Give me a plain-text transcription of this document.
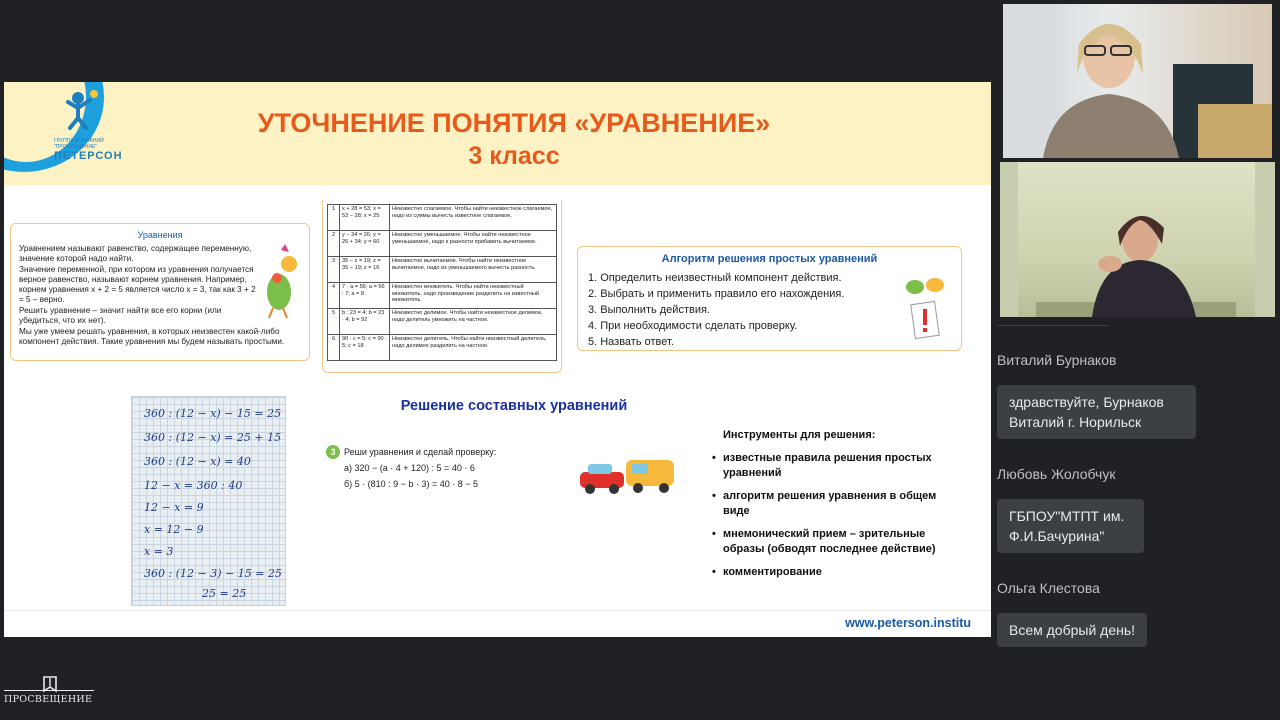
ГРУППА КОМПАНИЙ "ПРОСВЕЩЕНИЕ"
ПЕТЕРСОН
УТОЧНЕНИЕ ПОНЯТИЯ «УРАВНЕНИЕ»
3 класс
Уравнения

Уравнением называют равенство, содержащее переменную, значение которой надо найти.

Значение переменной, при котором из уравнения получается верное равенство, называют корнем уравнения. Например, корнем уравнения x + 2 = 5 является число x = 3, так как 3 + 2 = 5 – верно.

Решить уравнение – значит найти все его корни (или убедиться, что их нет).

Мы уже умеем решать уравнения, в которых неизвестен какой-либо компонент действия. Такие уравнения мы будем называть простыми.

1	x + 28 = 53; x = 53 − 28; x = 25	Неизвестно слагаемое. Чтобы найти неизвестное слагаемое, надо из суммы вычесть известное слагаемое.
2	y − 34 = 26; y = 26 + 34; y = 60	Неизвестно уменьшаемое. Чтобы найти неизвестное уменьшаемое, надо к разности прибавить вычитаемое.
3	35 − z = 19; z = 35 − 19; z = 16	Неизвестно вычитаемое. Чтобы найти неизвестное вычитаемое, надо из уменьшаемого вычесть разность.
4	7 · a = 56; a = 56 : 7; a = 8	Неизвестен множитель. Чтобы найти неизвестный множитель, надо произведение разделить на известный множитель.
5	b : 23 = 4; b = 23 · 4; b = 92	Неизвестно делимое. Чтобы найти неизвестное делимое, надо делитель умножить на частное.
6	90 : c = 5; c = 90 : 5; c = 18	Неизвестен делитель. Чтобы найти неизвестный делитель, надо делимое разделить на частное.
Алгоритм решения простых уравнений
1. Определить неизвестный компонент действия.
2. Выбрать и применить правило его нахождения.
3. Выполнить действия.
4. При необходимости сделать проверку.
5. Назвать ответ.
360 : (12 − x) − 15 = 25
360 : (12 − x) = 25 + 15
360 : (12 − x) = 40
12 − x = 360 : 40
12 − x = 9
x = 12 − 9
x = 3
360 : (12 − 3) − 15 = 25
25 = 25
Решение составных уравнений
3 Реши уравнения и сделай проверку:
а) 320 − (a · 4 + 120) : 5 = 40 · 6
б) 5 · (810 : 9 − b · 3) = 40 · 8 − 5
Инструменты для решения:
• известные правила решения простых уравнений
• алгоритм решения уравнения в общем виде
• мнемонический прием – зрительные образы (обводят последнее действие)
• комментирование
www.peterson.institu
Виталий Бурнаков
здравствуйте, Бурнаков Виталий г. Норильск
Любовь Жолобчук
ГБПОУ"МТПТ им. Ф.И.Бачурина"
Ольга Клестова
Всем добрый день!
ПРОСВЕЩЕНИЕ
